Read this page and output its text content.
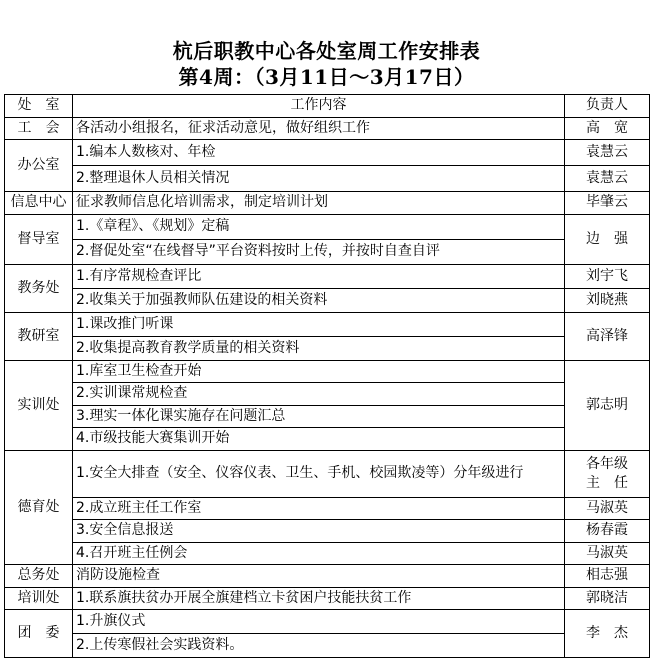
杭后职教中心各处室周工作安排表
第4周：（3月11日～3月17日）
处　室	工作内容	负责人
工　会	各活动小组报名，征求活动意见，做好组织工作	高　宽
办公室	1.编本人数核对、年检	袁慧云
	2.整理退休人员相关情况	袁慧云
信息中心	征求教师信息化培训需求，制定培训计划	毕肇云
督导室	1.《章程》、《规划》定稿	边　强
	2.督促处室“在线督导”平台资料按时上传，并按时自查自评	
教务处	1.有序常规检查评比	刘宇飞
	2.收集关于加强教师队伍建设的相关资料	刘晓燕
教研室	1.课改推门听课	高泽锋
	2.收集提高教育教学质量的相关资料	
实训处	1.库室卫生检查开始	郭志明
	2.实训课常规检查	
	3.理实一体化课实施存在问题汇总	
	4.市级技能大赛集训开始	
德育处	1.安全大排查（安全、仪容仪表、卫生、手机、校园欺凌等）分年级进行	各年级
主　任

	2.成立班主任工作室	马淑英
	3.安全信息报送	杨春霞
	4.召开班主任例会	马淑英
总务处	消防设施检查	相志强
培训处	1.联系旗扶贫办开展全旗建档立卡贫困户技能扶贫工作	郭晓洁
团　委	1.升旗仪式	李　杰
	2.上传寒假社会实践资料。	
